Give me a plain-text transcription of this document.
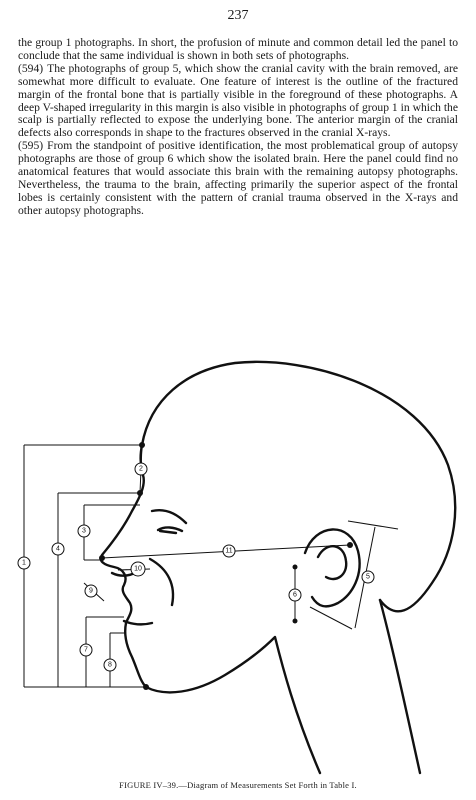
237

the group 1 photographs. In short, the profusion of minute and common detail led the panel to conclude that the same individual is shown in both sets of photographs.

(594) The photographs of group 5, which show the cranial cavity with the brain removed, are somewhat more difficult to evaluate. One feature of interest is the outline of the fractured margin of the frontal bone that is partially visible in the foreground of these photographs. A deep V-shaped irregularity in this margin is also visible in photographs of group 1 in which the scalp is partially reflected to expose the underlying bone. The anterior margin of the cranial defects also corresponds in shape to the fractures observed in the cranial X-rays.

(595) From the standpoint of positive identification, the most problematical group of autopsy photographs are those of group 6 which show the isolated brain. Here the panel could find no anatomical features that would associate this brain with the remaining autopsy photographs. Nevertheless, the trauma to the brain, affecting primarily the superior aspect of the frontal lobes is certainly consistent with the pattern of cranial trauma observed in the X-rays and other autopsy photographs.

1
2
3
4
5
6
7
8
9
10
11
FIGURE IV–39.—Diagram of Measurements Set Forth in Table I.
